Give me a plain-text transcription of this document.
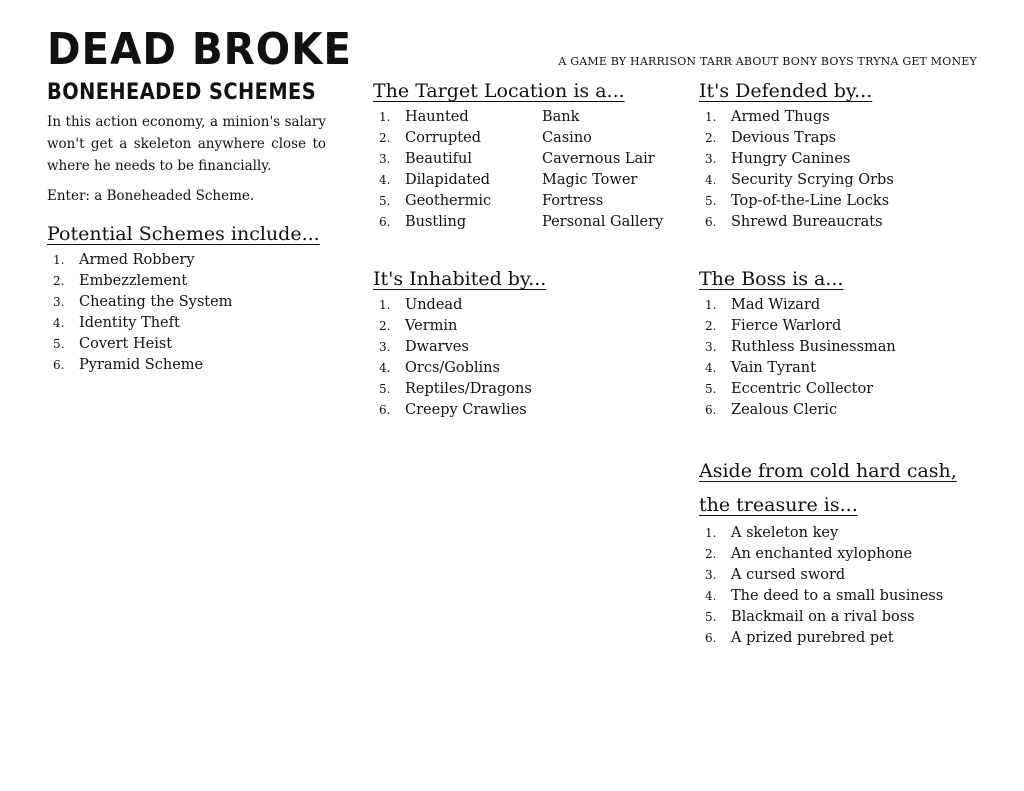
DEAD BROKE	A GAME BY HARRISON TARR ABOUT BONY BOYS TRYNA GET MONEY
BONEHEADED SCHEMES
In this action economy, a minion's salary won't get a skeleton anywhere close to where he needs to be financially.
Enter: a Boneheaded Scheme.
Potential Schemes include...
1.	Armed Robbery
2.	Embezzlement
3.	Cheating the System
4.	Identity Theft
5.	Covert Heist
6.	Pyramid Scheme
The Target Location is a...
1.	Haunted	Bank
2.	Corrupted	Casino
3.	Beautiful	Cavernous Lair
4.	Dilapidated	Magic Tower
5.	Geothermic	Fortress
6.	Bustling	Personal Gallery
It's Defended by...
1.	Armed Thugs
2.	Devious Traps
3.	Hungry Canines
4.	Security Scrying Orbs
5.	Top-of-the-Line Locks
6.	Shrewd Bureaucrats
It's Inhabited by...
1.	Undead
2.	Vermin
3.	Dwarves
4.	Orcs/Goblins
5.	Reptiles/Dragons
6.	Creepy Crawlies
The Boss is a...
1.	Mad Wizard
2.	Fierce Warlord
3.	Ruthless Businessman
4.	Vain Tyrant
5.	Eccentric Collector
6.	Zealous Cleric
Aside from cold hard cash,
the treasure is...
1.	A skeleton key
2.	An enchanted xylophone
3.	A cursed sword
4.	The deed to a small business
5.	Blackmail on a rival boss
6.	A prized purebred pet
